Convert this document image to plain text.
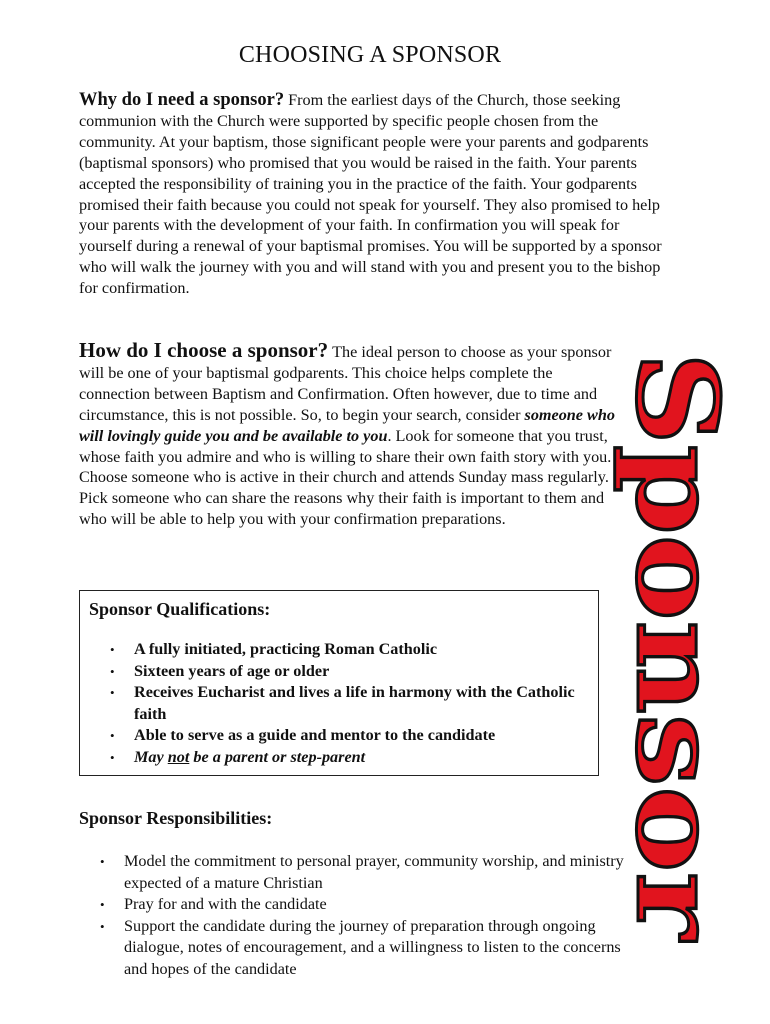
CHOOSING A SPONSOR

Why do I need a sponsor? From the earliest days of the Church, those seeking communion with the Church were supported by specific people chosen from the community. At your baptism, those significant people were your parents and godparents (baptismal sponsors) who promised that you would be raised in the faith. Your parents accepted the responsibility of training you in the practice of the faith. Your godparents promised their faith because you could not speak for yourself. They also promised to help your parents with the development of your faith. In confirmation you will speak for yourself during a renewal of your baptismal promises. You will be supported by a sponsor who will walk the journey with you and will stand with you and present you to the bishop for confirmation.

How do I choose a sponsor? The ideal person to choose as your sponsor will be one of your baptismal godparents. This choice helps complete the connection between Baptism and Confirmation. Often however, due to time and circumstance, this is not possible. So, to begin your search, consider someone who will lovingly guide you and be available to you. Look for someone that you trust, whose faith you admire and who is willing to share their own faith story with you. Choose someone who is active in their church and attends Sunday mass regularly. Pick someone who can share the reasons why their faith is important to them and who will be able to help you with your confirmation preparations.

Sponsor Qualifications:
• A fully initiated, practicing Roman Catholic
• Sixteen years of age or older
• Receives Eucharist and lives a life in harmony with the Catholic faith
• Able to serve as a guide and mentor to the candidate
• May not be a parent or step-parent
Sponsor Responsibilities:
• Model the commitment to personal prayer, community worship, and ministry expected of a mature Christian
• Pray for and with the candidate
• Support the candidate during the journey of preparation through ongoing dialogue, notes of encouragement, and a willingness to listen to the concerns and hopes of the candidate
Sponsor
